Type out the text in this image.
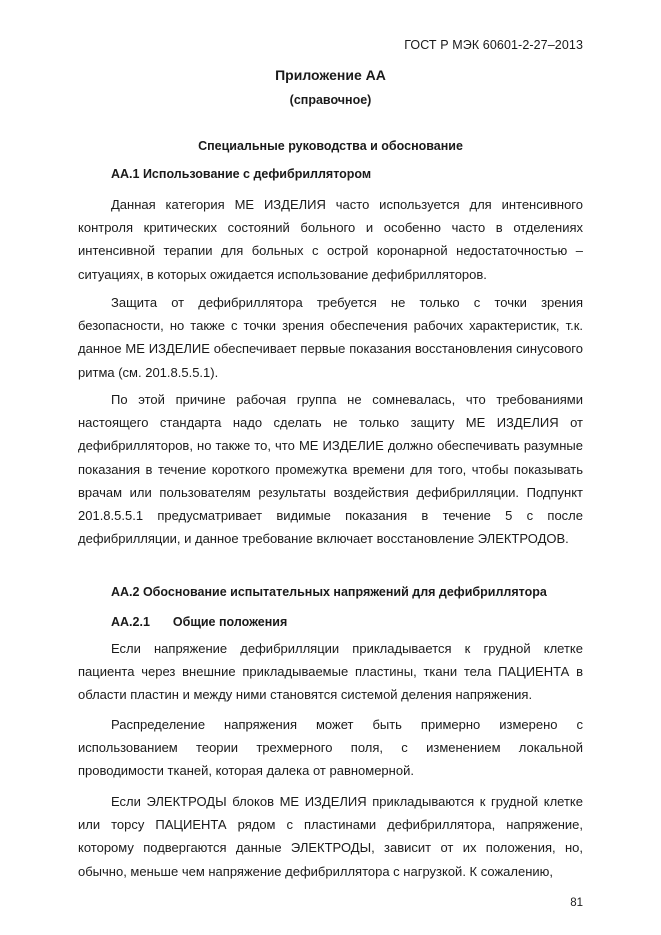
ГОСТ Р МЭК 60601-2-27–2013
Приложение АА
(справочное)
Специальные руководства и обоснование
АА.1 Использование с дефибриллятором

Данная категория МЕ ИЗДЕЛИЯ часто используется для интенсивного контроля критических состояний больного и особенно часто в отделениях интенсивной терапии для больных с острой коронарной недостаточностью – ситуациях, в которых ожидается использование дефибрилляторов.

Защита от дефибриллятора требуется не только с точки зрения безопасности, но также с точки зрения обеспечения рабочих характеристик, т.к. данное МЕ ИЗДЕЛИЕ обеспечивает первые показания восстановления синусового ритма (см. 201.8.5.5.1).

По этой причине рабочая группа не сомневалась, что требованиями настоящего стандарта надо сделать не только защиту МЕ ИЗДЕЛИЯ от дефибрилляторов, но также то, что МЕ ИЗДЕЛИЕ должно обеспечивать разумные показания в течение короткого промежутка времени для того, чтобы показывать врачам или пользователям результаты воздействия дефибрилляции. Подпункт 201.8.5.5.1 предусматривает видимые показания в течение 5 с после дефибрилляции, и данное требование включает восстановление ЭЛЕКТРОДОВ.

АА.2 Обоснование испытательных напряжений для дефибриллятора
АА.2.1 Общие положения

Если напряжение дефибрилляции прикладывается к грудной клетке пациента через внешние прикладываемые пластины, ткани тела ПАЦИЕНТА в области пластин и между ними становятся системой деления напряжения.

Распределение напряжения может быть примерно измерено с использованием теории трехмерного поля, с изменением локальной проводимости тканей, которая далека от равномерной.

Если ЭЛЕКТРОДЫ блоков МЕ ИЗДЕЛИЯ прикладываются к грудной клетке или торсу ПАЦИЕНТА рядом с пластинами дефибриллятора, напряжение, которому подвергаются данные ЭЛЕКТРОДЫ, зависит от их положения, но, обычно, меньше чем напряжение дефибриллятора с нагрузкой. К сожалению,

81
